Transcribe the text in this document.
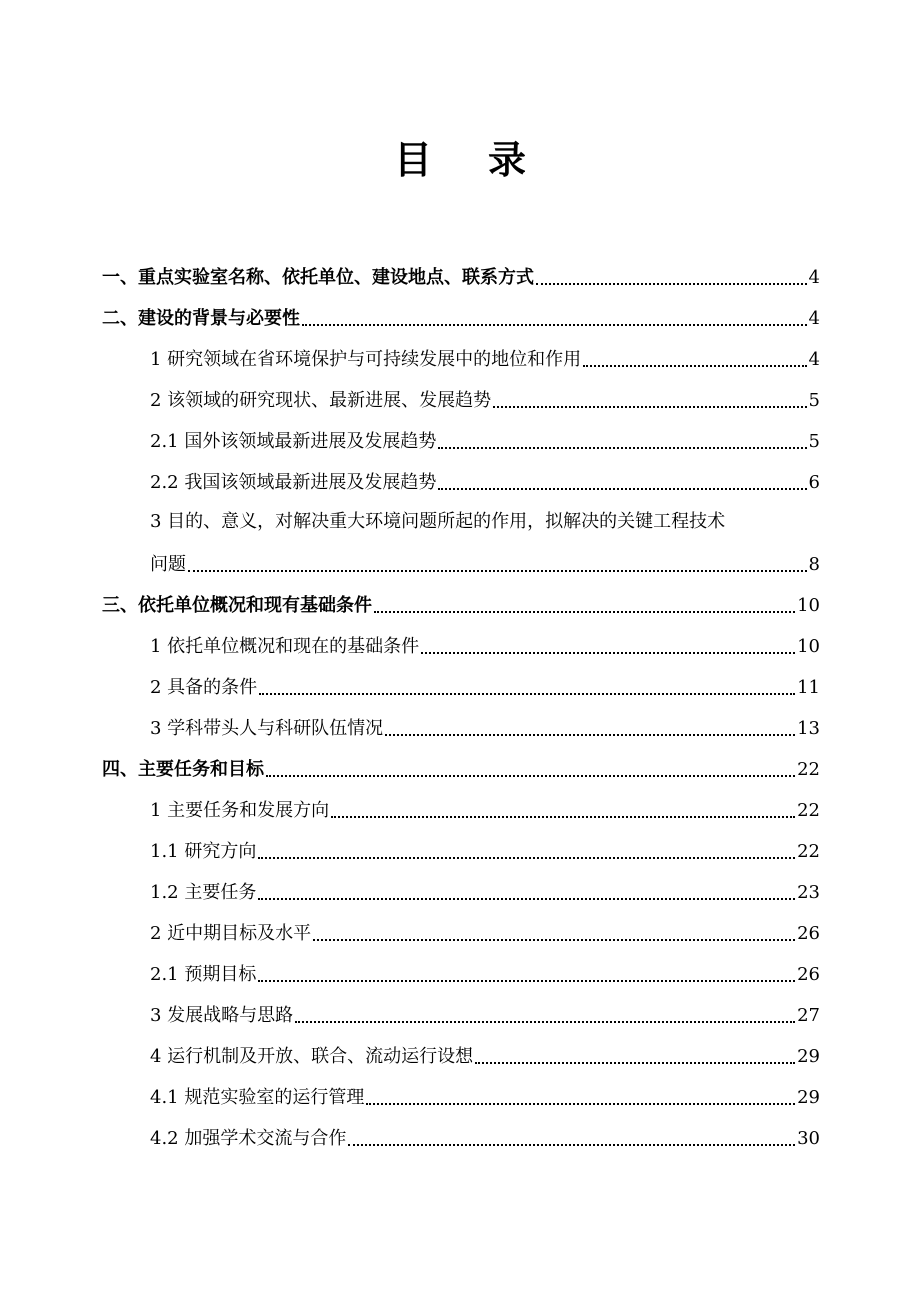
目 录
一、重点实验室名称、依托单位、建设地点、联系方式	4
二、建设的背景与必要性	4
1 研究领域在省环境保护与可持续发展中的地位和作用	4
2 该领域的研究现状、最新进展、发展趋势	5
2.1 国外该领域最新进展及发展趋势	5
2.2 我国该领域最新进展及发展趋势	6
3 目的、意义，对解决重大环境问题所起的作用，拟解决的关键工程技术
问题	8
三、依托单位概况和现有基础条件	10
1 依托单位概况和现在的基础条件	10
2 具备的条件	11
3 学科带头人与科研队伍情况	13
四、主要任务和目标	22
1 主要任务和发展方向	22
1.1 研究方向	22
1.2 主要任务	23
2 近中期目标及水平	26
2.1 预期目标	26
3 发展战略与思路	27
4 运行机制及开放、联合、流动运行设想	29
4.1 规范实验室的运行管理	29
4.2 加强学术交流与合作	30
